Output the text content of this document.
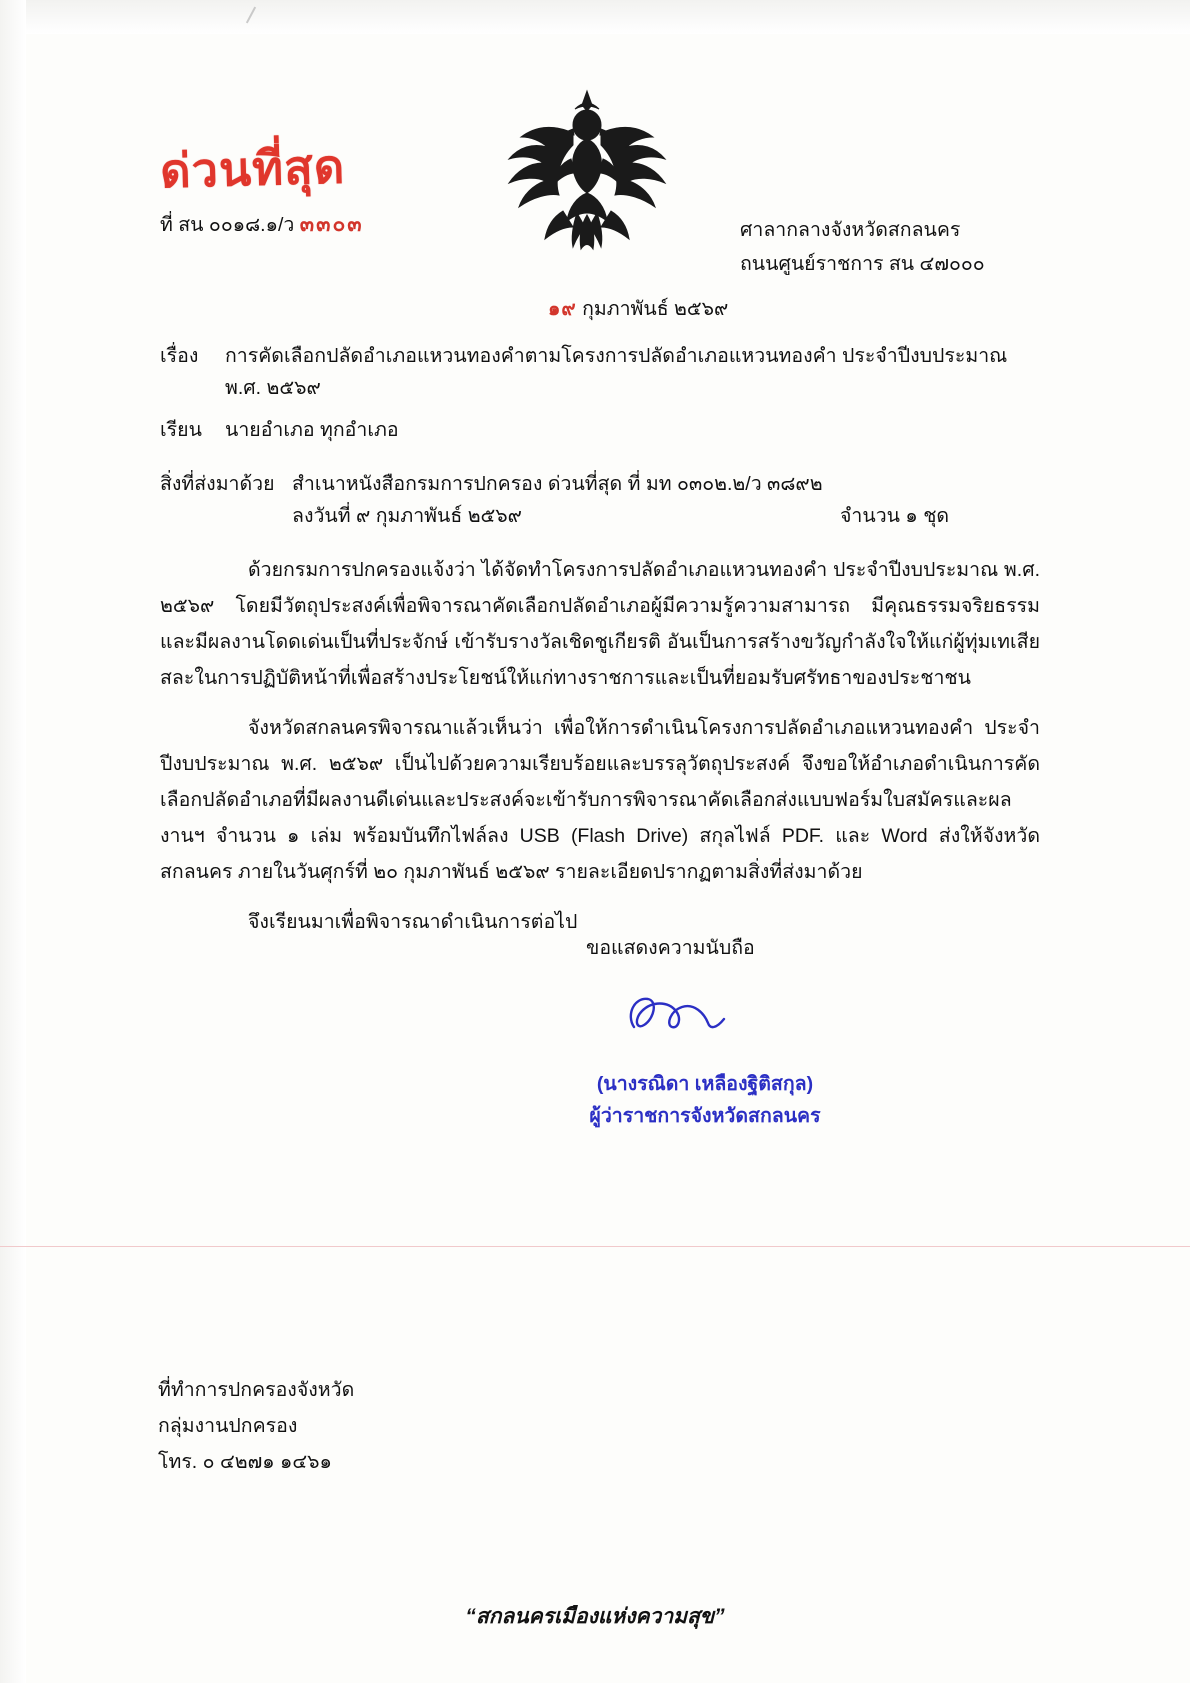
ด่วนที่สุด
ที่ สน ๐๐๑๘.๑/ว ๓๓๐๓	ศาลากลางจังหวัดสกลนคร
ถนนศูนย์ราชการ สน ๔๗๐๐๐
๑๙ กุมภาพันธ์ ๒๕๖๙
เรื่อง การคัดเลือกปลัดอำเภอแหวนทองคำตามโครงการปลัดอำเภอแหวนทองคำ ประจำปีงบประมาณ
พ.ศ. ๒๕๖๙
เรียน นายอำเภอ ทุกอำเภอ
สิ่งที่ส่งมาด้วย สำเนาหนังสือกรมการปกครอง ด่วนที่สุด ที่ มท ๐๓๐๒.๒/ว ๓๘๙๒
ลงวันที่ ๙ กุมภาพันธ์ ๒๕๖๙	จำนวน ๑ ชุด

ด้วยกรมการปกครองแจ้งว่า ได้จัดทำโครงการปลัดอำเภอแหวนทองคำ ประจำปีงบประมาณ พ.ศ. ๒๕๖๙ โดยมีวัตถุประสงค์เพื่อพิจารณาคัดเลือกปลัดอำเภอผู้มีความรู้ความสามารถ มีคุณธรรมจริยธรรม และมีผลงานโดดเด่นเป็นที่ประจักษ์ เข้ารับรางวัลเชิดชูเกียรติ อันเป็นการสร้างขวัญกำลังใจให้แก่ผู้ทุ่มเทเสียสละในการปฏิบัติหน้าที่เพื่อสร้างประโยชน์ให้แก่ทางราชการและเป็นที่ยอมรับศรัทธาของประชาชน

จังหวัดสกลนครพิจารณาแล้วเห็นว่า เพื่อให้การดำเนินโครงการปลัดอำเภอแหวนทองคำ ประจำปีงบประมาณ พ.ศ. ๒๕๖๙ เป็นไปด้วยความเรียบร้อยและบรรลุวัตถุประสงค์ จึงขอให้อำเภอดำเนินการคัดเลือกปลัดอำเภอที่มีผลงานดีเด่นและประสงค์จะเข้ารับการพิจารณาคัดเลือกส่งแบบฟอร์มใบสมัครและผลงานฯ จำนวน ๑ เล่ม พร้อมบันทึกไฟล์ลง USB (Flash Drive) สกุลไฟล์ PDF. และ Word ส่งให้จังหวัดสกลนคร ภายในวันศุกร์ที่ ๒๐ กุมภาพันธ์ ๒๕๖๙ รายละเอียดปรากฏตามสิ่งที่ส่งมาด้วย

จึงเรียนมาเพื่อพิจารณาดำเนินการต่อไป

ขอแสดงความนับถือ
(นางรณิดา เหลืองฐิติสกุล)
ผู้ว่าราชการจังหวัดสกลนคร
ที่ทำการปกครองจังหวัด
กลุ่มงานปกครอง
โทร. ๐ ๔๒๗๑ ๑๔๖๑
“สกลนครเมืองแห่งความสุข”
